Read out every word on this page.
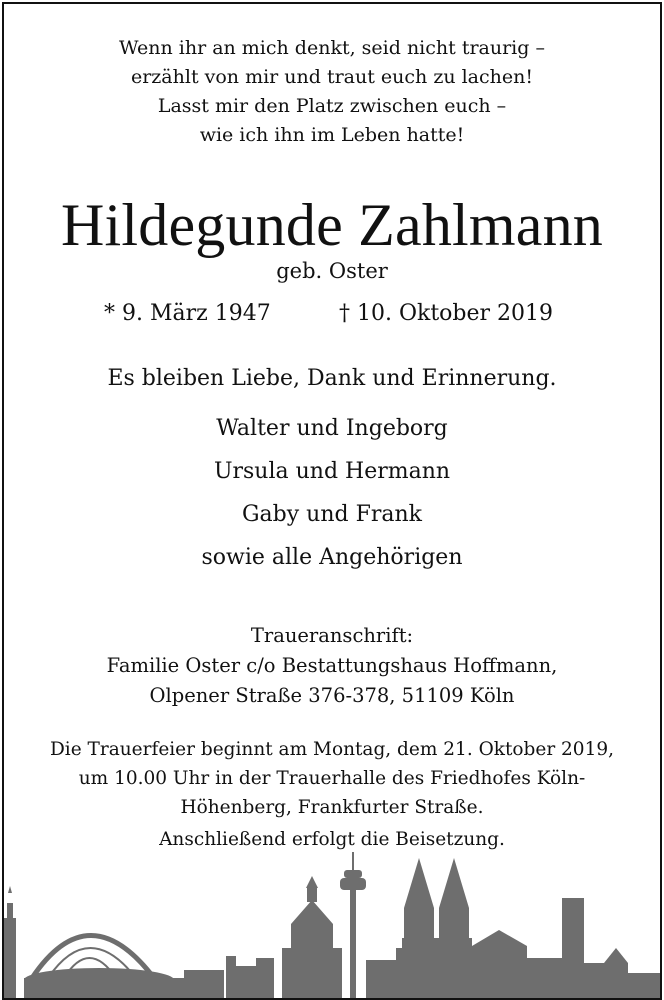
Wenn ihr an mich denkt, seid nicht traurig –
erzählt von mir und traut euch zu lachen!
Lasst mir den Platz zwischen euch –
wie ich ihn im Leben hatte!
Hildegunde Zahlmann
geb. Oster
* 9. März 1947	† 10. Oktober 2019
Es bleiben Liebe, Dank und Erinnerung.
Walter und Ingeborg
Ursula und Hermann
Gaby und Frank
sowie alle Angehörigen
Traueranschrift:
Familie Oster c/o Bestattungshaus Hoffmann,
Olpener Straße 376-378, 51109 Köln
Die Trauerfeier beginnt am Montag, dem 21. Oktober 2019,
um 10.00 Uhr in der Trauerhalle des Friedhofes Köln-
Höhenberg, Frankfurter Straße.
Anschließend erfolgt die Beisetzung.
